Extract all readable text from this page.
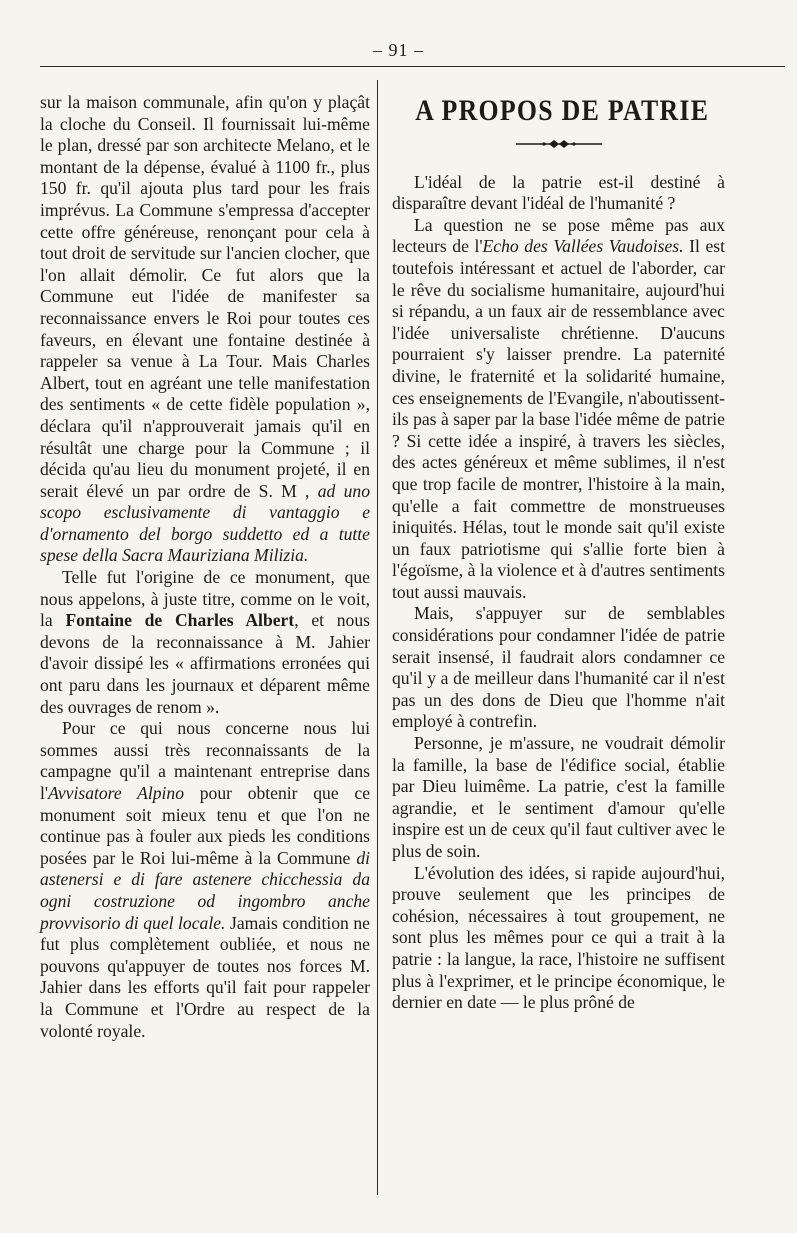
– 91 –

sur la maison communale, afin qu'on y plaçât la cloche du Conseil. Il fournissait lui-même le plan, dressé par son architecte Melano, et le montant de la dépense, évalué à 1100 fr., plus 150 fr. qu'il ajouta plus tard pour les frais imprévus. La Commune s'empressa d'accepter cette offre généreuse, renonçant pour cela à tout droit de servitude sur l'ancien clocher, que l'on allait démolir. Ce fut alors que la Commune eut l'idée de manifester sa reconnaissance envers le Roi pour toutes ces faveurs, en élevant une fontaine destinée à rappeler sa venue à La Tour. Mais Charles Albert, tout en agréant une telle manifestation des sentiments « de cette fidèle population », déclara qu'il n'approuverait jamais qu'il en résultât une charge pour la Commune ; il décida qu'au lieu du monument projeté, il en serait élevé un par ordre de S. M , ad uno scopo esclusivamente di vantaggio e d'ornamento del borgo suddetto ed a tutte spese della Sacra Mauriziana Milizia.

Telle fut l'origine de ce monument, que nous appelons, à juste titre, comme on le voit, la Fontaine de Charles Albert, et nous devons de la reconnaissance à M. Jahier d'avoir dissipé les « affirmations erronées qui ont paru dans les journaux et déparent même des ouvrages de renom ».

Pour ce qui nous concerne nous lui sommes aussi très reconnaissants de la campagne qu'il a maintenant entreprise dans l'Avvisatore Alpino pour obtenir que ce monument soit mieux tenu et que l'on ne continue pas à fouler aux pieds les conditions posées par le Roi lui-même à la Commune di astenersi e di fare astenere chicchessia da ogni costruzione od ingombro anche provvisorio di quel locale. Jamais condition ne fut plus complètement oubliée, et nous ne pouvons qu'appuyer de toutes nos forces M. Jahier dans les efforts qu'il fait pour rappeler la Commune et l'Ordre au respect de la volonté royale.

A PROPOS DE PATRIE

L'idéal de la patrie est-il destiné à disparaître devant l'idéal de l'humanité ?

La question ne se pose même pas aux lecteurs de l'Echo des Vallées Vaudoises. Il est toutefois intéressant et actuel de l'aborder, car le rêve du socialisme humanitaire, aujourd'hui si répandu, a un faux air de ressemblance avec l'idée universaliste chrétienne. D'aucuns pourraient s'y laisser prendre. La paternité divine, le fraternité et la solidarité humaine, ces enseignements de l'Evangile, n'aboutissent-ils pas à saper par la base l'idée même de patrie ? Si cette idée a inspiré, à travers les siècles, des actes généreux et même sublimes, il n'est que trop facile de montrer, l'histoire à la main, qu'elle a fait commettre de monstrueuses iniquités. Hélas, tout le monde sait qu'il existe un faux patriotisme qui s'allie forte bien à l'égoïsme, à la violence et à d'autres sentiments tout aussi mauvais.

Mais, s'appuyer sur de semblables considérations pour condamner l'idée de patrie serait insensé, il faudrait alors condamner ce qu'il y a de meilleur dans l'humanité car il n'est pas un des dons de Dieu que l'homme n'ait employé à contrefin.

Personne, je m'assure, ne voudrait démolir la famille, la base de l'édifice social, établie par Dieu luimême. La patrie, c'est la famille agrandie, et le sentiment d'amour qu'elle inspire est un de ceux qu'il faut cultiver avec le plus de soin.

L'évolution des idées, si rapide aujourd'hui, prouve seulement que les principes de cohésion, nécessaires à tout groupement, ne sont plus les mêmes pour ce qui a trait à la patrie : la langue, la race, l'histoire ne suffisent plus à l'exprimer, et le principe économique, le dernier en date — le plus prôné de
